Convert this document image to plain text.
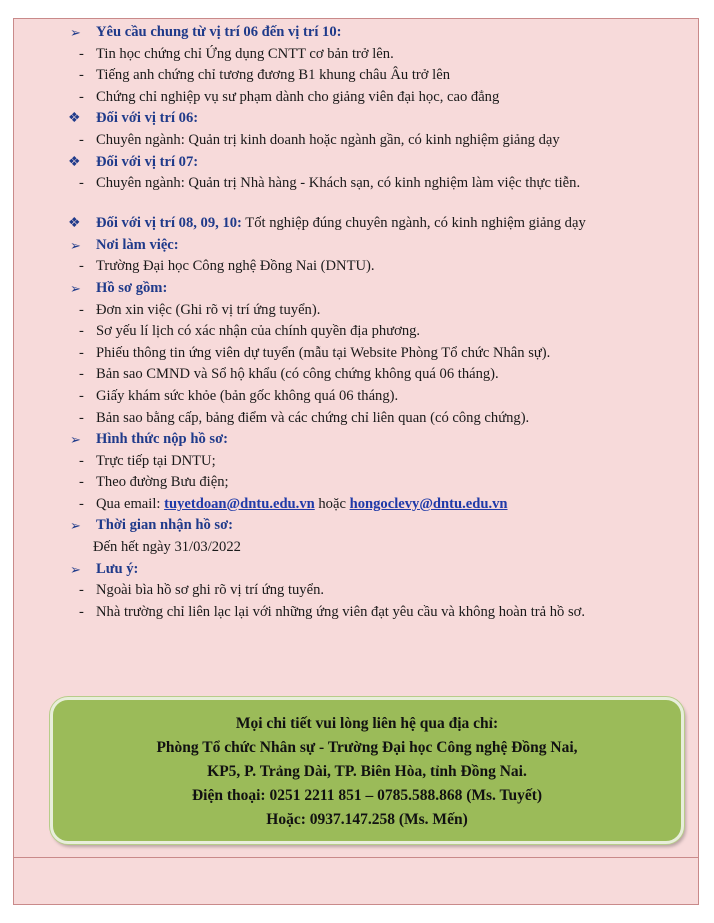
➢ Yêu cầu chung từ vị trí 06 đến vị trí 10:
- Tin học chứng chỉ Ứng dụng CNTT cơ bản trở lên.
- Tiếng anh chứng chỉ tương đương B1 khung châu Âu trở lên
- Chứng chỉ nghiệp vụ sư phạm dành cho giảng viên đại học, cao đẳng
❖ Đối với vị trí 06:
- Chuyên ngành: Quản trị kinh doanh hoặc ngành gần, có kinh nghiệm giảng dạy
❖ Đối với vị trí 07:
- Chuyên ngành: Quản trị Nhà hàng - Khách sạn, có kinh nghiệm làm việc thực tiễn.
❖ Đối với vị trí 08, 09, 10: Tốt nghiệp đúng chuyên ngành, có kinh nghiệm giảng dạy
➢ Nơi làm việc:
- Trường Đại học Công nghệ Đồng Nai (DNTU).
➢ Hồ sơ gồm:
- Đơn xin việc (Ghi rõ vị trí ứng tuyển).
- Sơ yếu lí lịch có xác nhận của chính quyền địa phương.
- Phiếu thông tin ứng viên dự tuyển (mẫu tại Website Phòng Tổ chức Nhân sự).
- Bản sao CMND và Sổ hộ khẩu (có công chứng không quá 06 tháng).
- Giấy khám sức khỏe (bản gốc không quá 06 tháng).
- Bản sao bằng cấp, bảng điểm và các chứng chỉ liên quan (có công chứng).
➢ Hình thức nộp hồ sơ:
- Trực tiếp tại DNTU;
- Theo đường Bưu điện;
- Qua email: tuyetdoan@dntu.edu.vn hoặc hongoclevy@dntu.edu.vn
➢ Thời gian nhận hồ sơ:
Đến hết ngày 31/03/2022
➢ Lưu ý:
- Ngoài bìa hồ sơ ghi rõ vị trí ứng tuyển.
- Nhà trường chỉ liên lạc lại với những ứng viên đạt yêu cầu và không hoàn trả hồ sơ.
Mọi chi tiết vui lòng liên hệ qua địa chỉ:
Phòng Tổ chức Nhân sự - Trường Đại học Công nghệ Đồng Nai,
KP5, P. Trảng Dài, TP. Biên Hòa, tỉnh Đồng Nai.
Điện thoại: 0251 2211 851 – 0785.588.868 (Ms. Tuyết)
Hoặc: 0937.147.258 (Ms. Mến)
